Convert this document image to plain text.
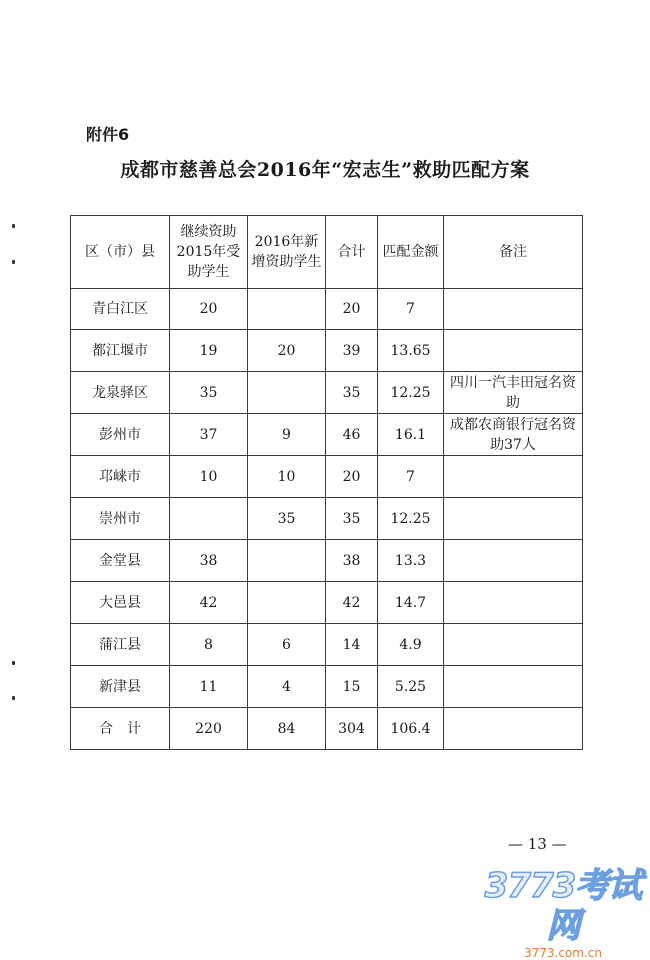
附件6
成都市慈善总会2016年“宏志生”救助匹配方案
区（市）县	继续资助2015年受助学生	2016年新增资助学生	合计	匹配金额	备注
青白江区	20		20	7	
都江堰市	19	20	39	13.65	
龙泉驿区	35		35	12.25	四川一汽丰田冠名资助
彭州市	37	9	46	16.1	成都农商银行冠名资助37人
邛崃市	10	10	20	7	
崇州市		35	35	12.25	
金堂县	38		38	13.3	
大邑县	42		42	14.7	
蒲江县	8	6	14	4.9	
新津县	11	4	15	5.25	
合　计	220	84	304	106.4	
— 13 —
3773考试网
3773.com.cn
